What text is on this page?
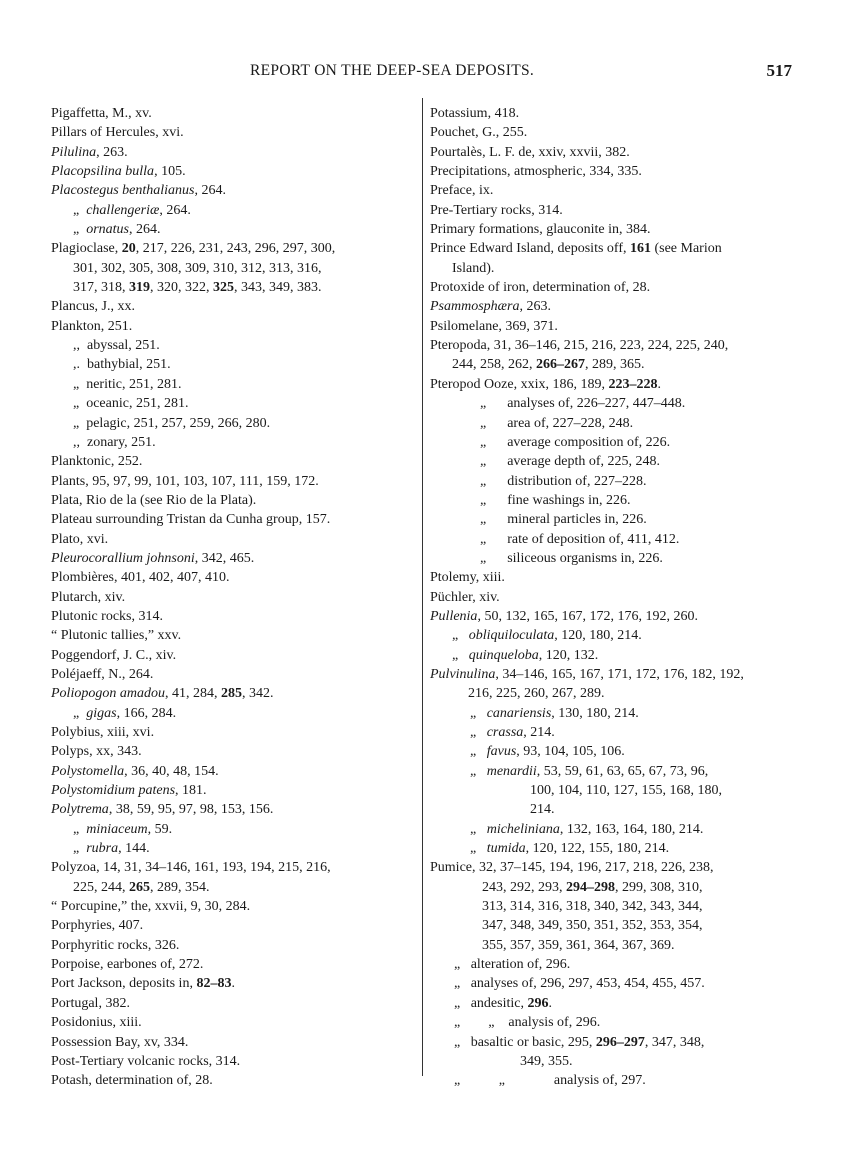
REPORT ON THE DEEP-SEA DEPOSITS.	517
Pigaffetta, M., xv.
Pillars of Hercules, xvi.
Pilulina, 263.
Placopsilina bulla, 105.
Placostegus benthalianus, 264.
„ challengeriæ, 264.
„ ornatus, 264.
Plagioclase, 20, 217, 226, 231, 243, 296, 297, 300,
301, 302, 305, 308, 309, 310, 312, 313, 316,
317, 318, 319, 320, 322, 325, 343, 349, 383.
Plancus, J., xx.
Plankton, 251.
,,  abyssal, 251.
,.  bathybial, 251.
„  neritic, 251, 281.
„  oceanic, 251, 281.
„  pelagic, 251, 257, 259, 266, 280.
,,  zonary, 251.
Planktonic, 252.
Plants, 95, 97, 99, 101, 103, 107, 111, 159, 172.
Plata, Rio de la (see Rio de la Plata).
Plateau surrounding Tristan da Cunha group, 157.
Plato, xvi.
Pleurocorallium johnsoni, 342, 465.
Plombières, 401, 402, 407, 410.
Plutarch, xiv.
Plutonic rocks, 314.
“ Plutonic tallies,” xxv.
Poggendorf, J. C., xiv.
Poléjaeff, N., 264.
Poliopogon amadou, 41, 284, 285, 342.
„ gigas, 166, 284.
Polybius, xiii, xvi.
Polyps, xx, 343.
Polystomella, 36, 40, 48, 154.
Polystomidium patens, 181.
Polytrema, 38, 59, 95, 97, 98, 153, 156.
„ miniaceum, 59.
„ rubra, 144.
Polyzoa, 14, 31, 34–146, 161, 193, 194, 215, 216,
225, 244, 265, 289, 354.
“ Porcupine,” the, xxvii, 9, 30, 284.
Porphyries, 407.
Porphyritic rocks, 326.
Porpoise, earbones of, 272.
Port Jackson, deposits in, 82–83.
Portugal, 382.
Posidonius, xiii.
Possession Bay, xv, 334.
Post-Tertiary volcanic rocks, 314.
Potash, determination of, 28.
Potassium, 418.
Pouchet, G., 255.
Pourtalès, L. F. de, xxiv, xxvii, 382.
Precipitations, atmospheric, 334, 335.
Preface, ix.
Pre-Tertiary rocks, 314.
Primary formations, glauconite in, 384.
Prince Edward Island, deposits off, 161 (see Marion
Island).
Protoxide of iron, determination of, 28.
Psammosphæra, 263.
Psilomelane, 369, 371.
Pteropoda, 31, 36–146, 215, 216, 223, 224, 225, 240,
244, 258, 262, 266–267, 289, 365.
Pteropod Ooze, xxix, 186, 189, 223–228.
„      analyses of, 226–227, 447–448.
„      area of, 227–228, 248.
„      average composition of, 226.
„      average depth of, 225, 248.
„      distribution of, 227–228.
„      fine washings in, 226.
„      mineral particles in, 226.
„      rate of deposition of, 411, 412.
„      siliceous organisms in, 226.
Ptolemy, xiii.
Püchler, xiv.
Pullenia, 50, 132, 165, 167, 172, 176, 192, 260.
„ obliquiloculata, 120, 180, 214.
„ quinqueloba, 120, 132.
Pulvinulina, 34–146, 165, 167, 171, 172, 176, 182, 192,
216, 225, 260, 267, 289.
„ canariensis, 130, 180, 214.
„ crassa, 214.
„ favus, 93, 104, 105, 106.
„ menardii, 53, 59, 61, 63, 65, 67, 73, 96,
100, 104, 110, 127, 155, 168, 180,
214.
„ micheliniana, 132, 163, 164, 180, 214.
„ tumida, 120, 122, 155, 180, 214.
Pumice, 32, 37–145, 194, 196, 217, 218, 226, 238,
243, 292, 293, 294–298, 299, 308, 310,
313, 314, 316, 318, 340, 342, 343, 344,
347, 348, 349, 350, 351, 352, 353, 354,
355, 357, 359, 361, 364, 367, 369.
„   alteration of, 296.
„   analyses of, 296, 297, 453, 454, 455, 457.
„   andesitic, 296.
„        „    analysis of, 296.
„   basaltic or basic, 295, 296–297, 347, 348,
349, 355.
„           „              analysis of, 297.
